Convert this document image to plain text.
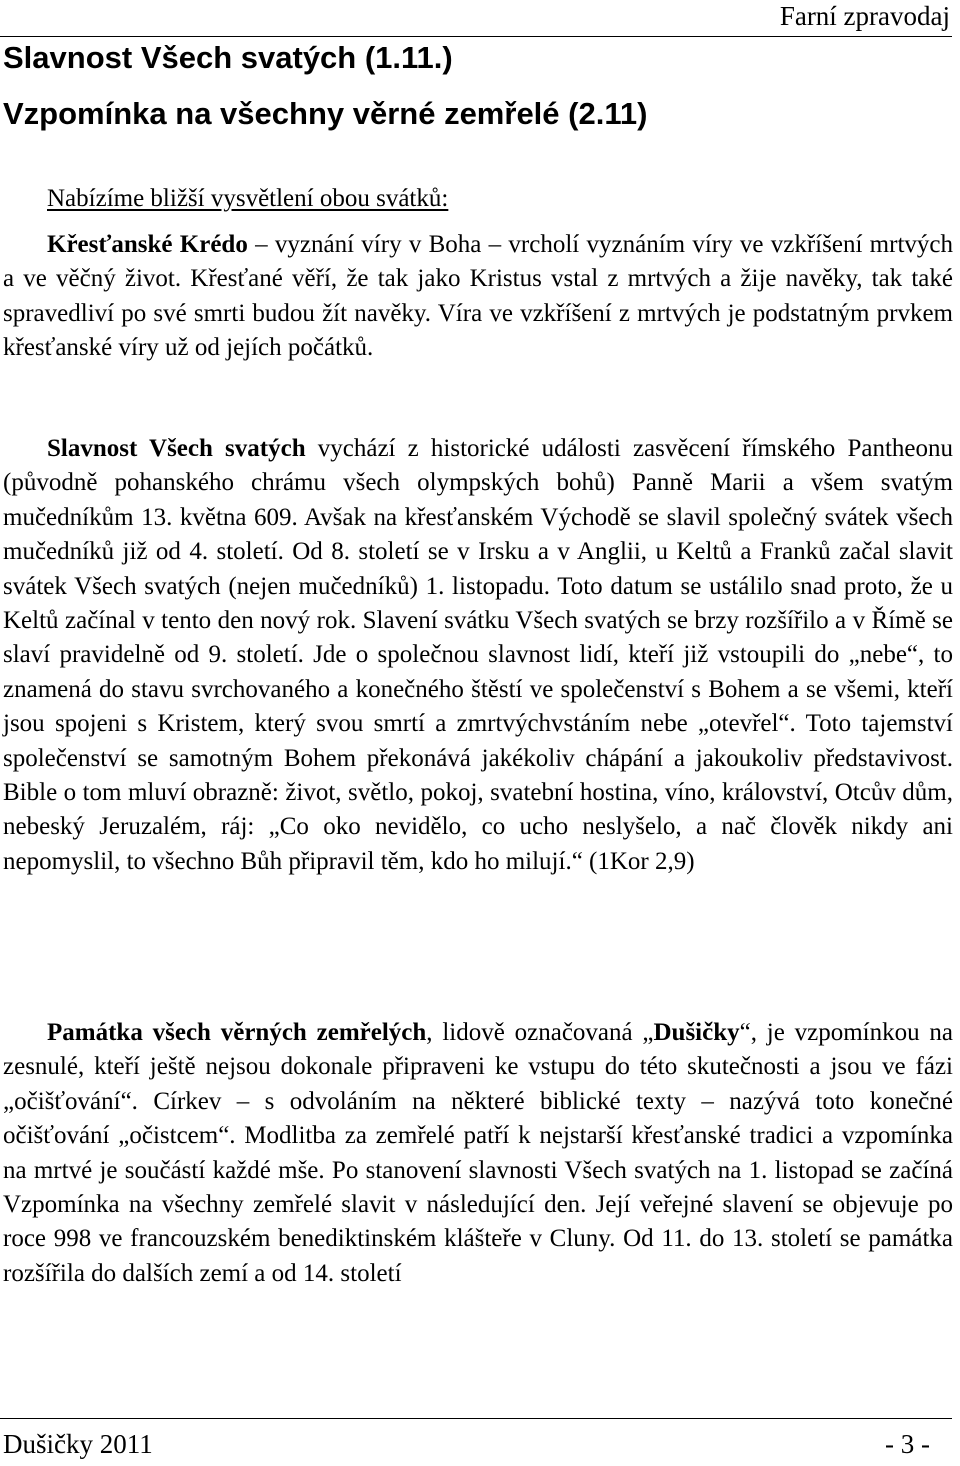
Farní zpravodaj
Slavnost Všech svatých (1.11.)
Vzpomínka na všechny věrné zemřelé (2.11)
Nabízíme bližší vysvětlení obou svátků:

Křesťanské Krédo – vyznání víry v Boha – vrcholí vyznáním víry ve vzkříšení mrtvých a ve věčný život. Křesťané věří, že tak jako Kristus vstal z mrtvých a žije navěky, tak také spravedliví po své smrti budou žít navěky. Víra ve vzkříšení z mrtvých je podstatným prvkem křesťanské víry už od jejích počátků.

Slavnost Všech svatých vychází z historické události zasvěcení římského Pantheonu (původně pohanského chrámu všech olympských bohů) Panně Marii a všem svatým mučedníkům 13. května 609. Avšak na křesťanském Východě se slavil společný svátek všech mučedníků již od 4. století. Od 8. století se v Irsku a v Anglii, u Keltů a Franků začal slavit svátek Všech svatých (nejen mučedníků) 1. listopadu. Toto datum se ustálilo snad proto, že u Keltů začínal v tento den nový rok. Slavení svátku Všech svatých se brzy rozšířilo a v Římě se slaví pravidelně od 9. století. Jde o společnou slavnost lidí, kteří již vstoupili do „nebe“, to znamená do stavu svrchovaného a konečného štěstí ve společenství s Bohem a se všemi, kteří jsou spojeni s Kristem, který svou smrtí a zmrtvýchvstáním nebe „otevřel“. Toto tajemství společenství se samotným Bohem překonává jakékoliv chápání a jakoukoliv představivost. Bible o tom mluví obrazně: život, světlo, pokoj, svatební hostina, víno, království, Otcův dům, nebeský Jeruzalém, ráj: „Co oko nevidělo, co ucho neslyšelo, a nač člověk nikdy ani nepomyslil, to všechno Bůh připravil těm, kdo ho milují.“ (1Kor 2,9)

Památka všech věrných zemřelých, lidově označovaná „Dušičky“, je vzpomínkou na zesnulé, kteří ještě nejsou dokonale připraveni ke vstupu do této skutečnosti a jsou ve fázi „očišťování“. Církev – s odvoláním na některé biblické texty – nazývá toto konečné očišťování „očistcem“. Modlitba za zemřelé patří k nejstarší křesťanské tradici a vzpomínka na mrtvé je součástí každé mše. Po stanovení slavnosti Všech svatých na 1. listopad se začíná Vzpomínka na všechny zemřelé slavit v následující den. Její veřejné slavení se objevuje po roce 998 ve francouzském benediktinském klášteře v Cluny. Od 11. do 13. století se památka rozšířila do dalších zemí a od 14. století

Dušičky 2011	- 3 -
